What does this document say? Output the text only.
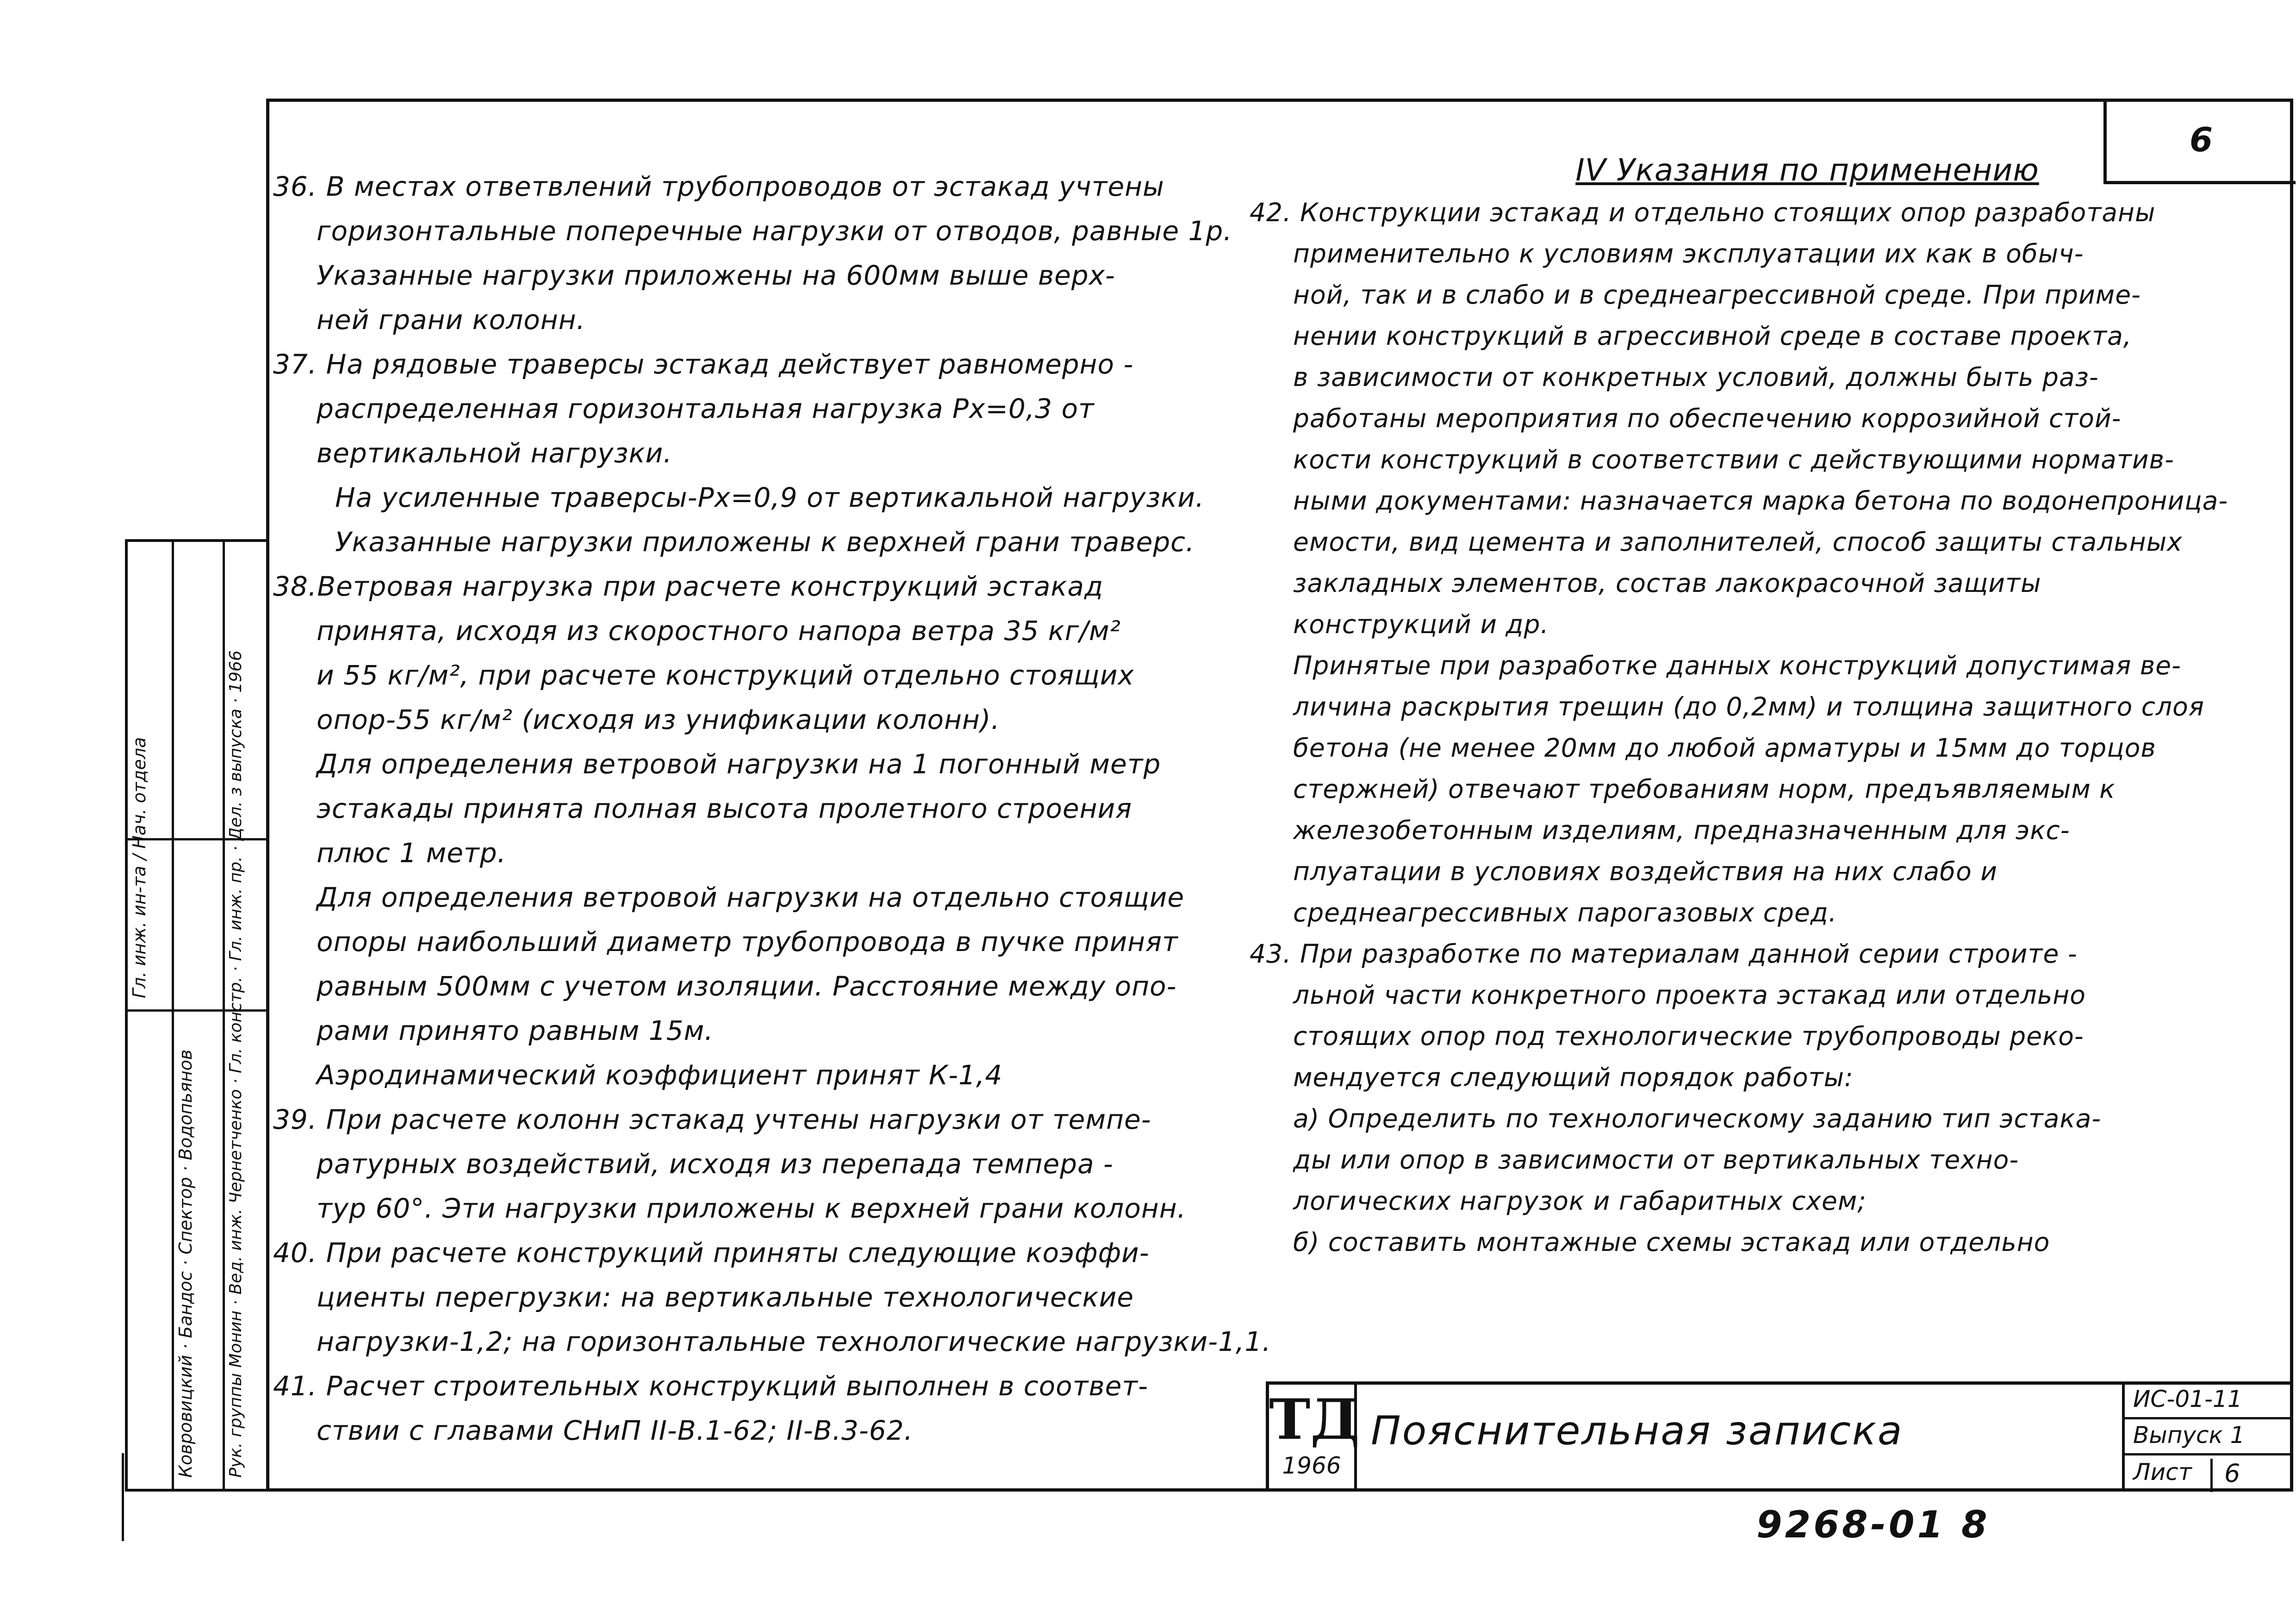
6

36. В местах ответвлений трубопроводов от эстакад учтены

горизонтальные поперечные нагрузки от отводов, равные 1р.

Указанные нагрузки приложены на 600мм выше верх-

ней грани колонн.

37. На рядовые траверсы эстакад действует равномерно -

распределенная горизонтальная нагрузка Px=0,3 от

вертикальной нагрузки.

На усиленные траверсы-Px=0,9 от вертикальной нагрузки.

Указанные нагрузки приложены к верхней грани траверс.

38.Ветровая нагрузка при расчете конструкций эстакад

принята, исходя из скоростного напора ветра 35 кг/м²

и 55 кг/м², при расчете конструкций отдельно стоящих

опор-55 кг/м² (исходя из унификации колонн).

Для определения ветровой нагрузки на 1 погонный метр

эстакады принята полная высота пролетного строения

плюс 1 метр.

Для определения ветровой нагрузки на отдельно стоящие

опоры наибольший диаметр трубопровода в пучке принят

равным 500мм с учетом изоляции. Расстояние между опо-

рами принято равным 15м.

Аэродинамический коэффициент принят К-1,4

39. При расчете колонн эстакад учтены нагрузки от темпе-

ратурных воздействий, исходя из перепада темпера -

тур 60°. Эти нагрузки приложены к верхней грани колонн.

40. При расчете конструкций приняты следующие коэффи-

циенты перегрузки: на вертикальные технологические

нагрузки-1,2; на горизонтальные технологические нагрузки-1,1.

41. Расчет строительных конструкций выполнен в соответ-

ствии с главами СНиП II-В.1-62; II-В.3-62.

IV Указания по применению

42. Конструкции эстакад и отдельно стоящих опор разработаны

применительно к условиям эксплуатации их как в обыч-

ной, так и в слабо и в среднеагрессивной среде. При приме-

нении конструкций в агрессивной среде в составе проекта,

в зависимости от конкретных условий, должны быть раз-

работаны мероприятия по обеспечению коррозийной стой-

кости конструкций в соответствии с действующими норматив-

ными документами: назначается марка бетона по водонепроница-

емости, вид цемента и заполнителей, способ защиты стальных

закладных элементов, состав лакокрасочной защиты

конструкций и др.

Принятые при разработке данных конструкций допустимая ве-

личина раскрытия трещин (до 0,2мм) и толщина защитного слоя

бетона (не менее 20мм до любой арматуры и 15мм до торцов

стержней) отвечают требованиям норм, предъявляемым к

железобетонным изделиям, предназначенным для экс-

плуатации в условиях воздействия на них слабо и

среднеагрессивных парогазовых сред.

43. При разработке по материалам данной серии строите -

льной части конкретного проекта эстакад или отдельно

стоящих опор под технологические трубопроводы реко-

мендуется следующий порядок работы:

а) Определить по технологическому заданию тип эстака-

ды или опор в зависимости от вертикальных техно-

логических нагрузок и габаритных схем;

б) составить монтажные схемы эстакад или отдельно

Гл. инж. ин-та / Нач. отдела
Ковровицкий · Бандос · Спектор · Водопьянов
Рук. группы Монин · Вед. инж. Чернетченко · Гл. констр. · Гл. инж. пр. · Дел. з выпуска · 1966
ТД
1966
Пояснительная записка
ИС-01-11
Выпуск 1
Лист	6
9268-01 8
